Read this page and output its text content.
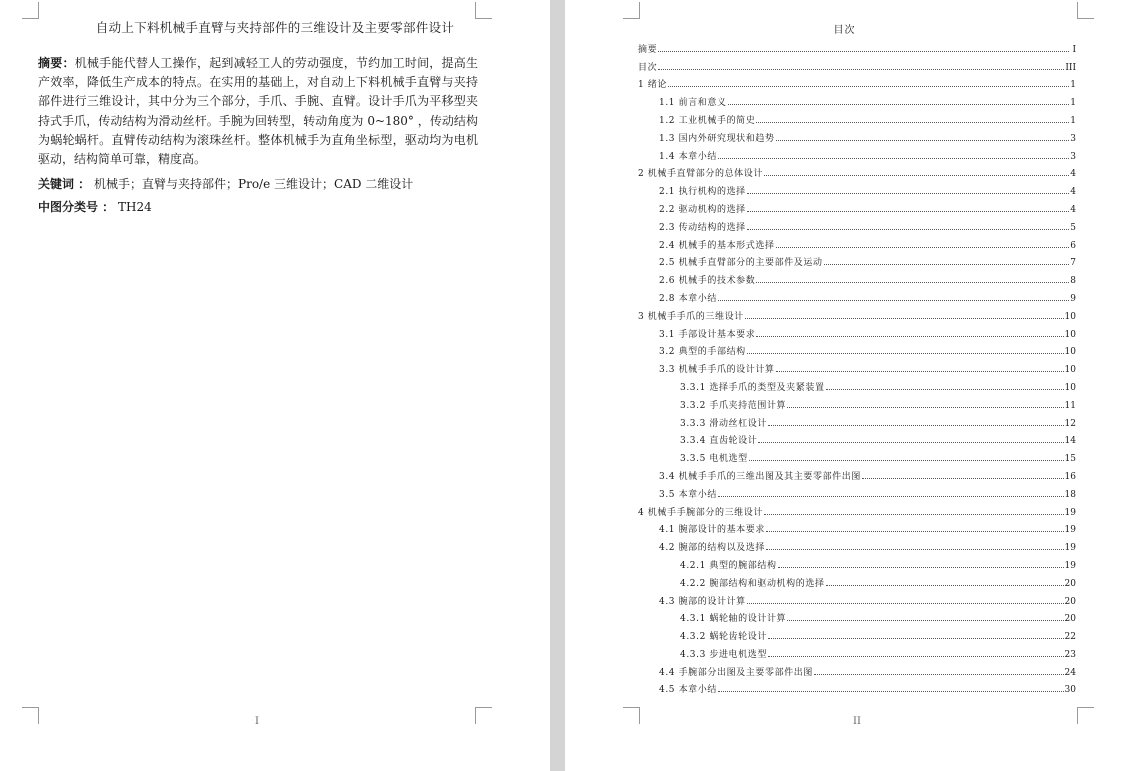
自动上下料机械手直臂与夹持部件的三维设计及主要零部件设计
摘要：机械手能代替人工操作，起到减轻工人的劳动强度，节约加工时间，提高生产效率，降低生产成本的特点。在实用的基础上，对自动上下料机械手直臂与夹持部件进行三维设计，其中分为三个部分，手爪、手腕、直臂。设计手爪为平移型夹持式手爪，传动结构为滑动丝杆。手腕为回转型，转动角度为 0~180° ，传动结构为蜗轮蜗杆。直臂传动结构为滚珠丝杆。整体机械手为直角坐标型，驱动均为电机驱动，结构简单可靠，精度高。
关键词 ： 机械手；直臂与夹持部件；Pro/e 三维设计；CAD 二维设计
中图分类号 ： TH24
I
目次
摘要	I
目次	III
1 绪论	1
1.1 前言和意义	1
1.2 工业机械手的简史	1
1.3 国内外研究现状和趋势	3
1.4 本章小结	3
2 机械手直臂部分的总体设计	4
2.1 执行机构的选择	4
2.2 驱动机构的选择	4
2.3 传动结构的选择	5
2.4 机械手的基本形式选择	6
2.5 机械手直臂部分的主要部件及运动	7
2.6 机械手的技术参数	8
2.8 本章小结	9
3 机械手手爪的三维设计	10
3.1 手部设计基本要求	10
3.2 典型的手部结构	10
3.3 机械手手爪的设计计算	10
3.3.1 选择手爪的类型及夹紧装置	10
3.3.2 手爪夹持范围计算	11
3.3.3 滑动丝杠设计	12
3.3.4 直齿轮设计	14
3.3.5 电机选型	15
3.4 机械手手爪的三维出图及其主要零部件出图	16
3.5 本章小结	18
4 机械手手腕部分的三维设计	19
4.1 腕部设计的基本要求	19
4.2 腕部的结构以及选择	19
4.2.1 典型的腕部结构	19
4.2.2 腕部结构和驱动机构的选择	20
4.3 腕部的设计计算	20
4.3.1 蜗轮轴的设计计算	20
4.3.2 蜗轮齿轮设计	22
4.3.3 步进电机选型	23
4.4 手腕部分出图及主要零部件出图	24
4.5 本章小结	30
II
